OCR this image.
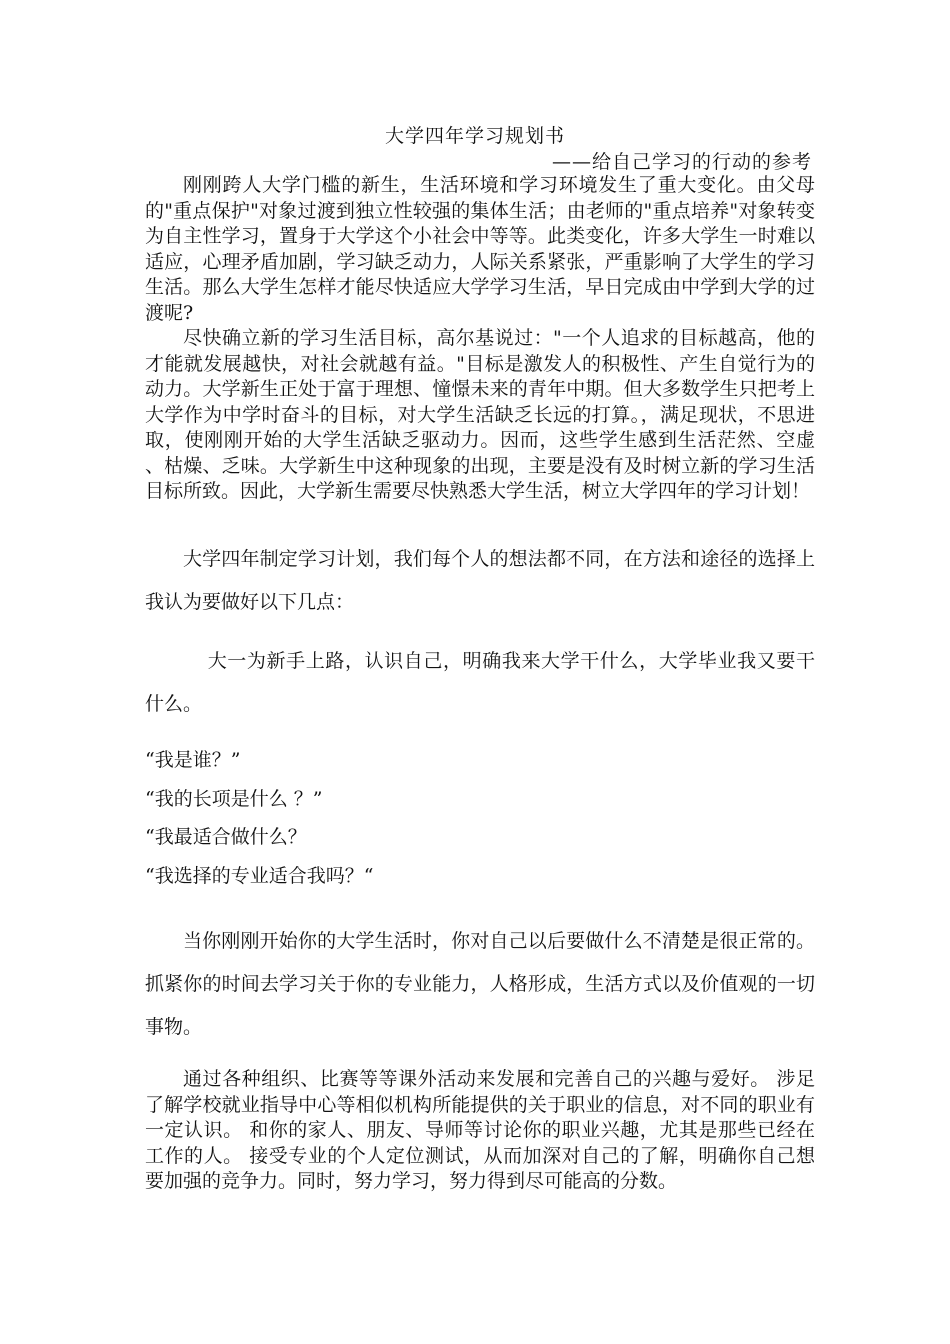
大学四年学习规划书
——给自己学习的行动的参考

刚刚跨人大学门槛的新生，生活环境和学习环境发生了重大变化。由父母的"重点保护"对象过渡到独立性较强的集体生活；由老师的"重点培养"对象转变为自主性学习，置身于大学这个小社会中等等。此类变化，许多大学生一时难以适应，心理矛盾加剧，学习缺乏动力，人际关系紧张，严重影响了大学生的学习生活。那么大学生怎样才能尽快适应大学学习生活，早日完成由中学到大学的过渡呢?

尽快确立新的学习生活目标，高尔基说过："一个人追求的目标越高，他的才能就发展越快，对社会就越有益。"目标是激发人的积极性、产生自觉行为的动力。大学新生正处于富于理想、憧憬未来的青年中期。但大多数学生只把考上大学作为中学时奋斗的目标，对大学生活缺乏长远的打算。，满足现状，不思进取，使刚刚开始的大学生活缺乏驱动力。因而，这些学生感到生活茫然、空虚 、枯燥、乏味。大学新生中这种现象的出现，主要是没有及时树立新的学习生活目标所致。因此，大学新生需要尽快熟悉大学生活，树立大学四年的学习计划！

大学四年制定学习计划，我们每个人的想法都不同，在方法和途径的选择上我认为要做好以下几点：

大一为新手上路，认识自己，明确我来大学干什么，大学毕业我又要干什么。

“我是谁？”
“我的长项是什么 ？”
“我最适合做什么？
“我选择的专业适合我吗？“

当你刚刚开始你的大学生活时，你对自己以后要做什么不清楚是很正常的。 抓紧你的时间去学习关于你的专业能力，人格形成，生活方式以及价值观的一切事物。

通过各种组织、比赛等等课外活动来发展和完善自己的兴趣与爱好。 涉足了解学校就业指导中心等相似机构所能提供的关于职业的信息，对不同的职业有一定认识。 和你的家人、朋友、导师等讨论你的职业兴趣，尤其是那些已经在工作的人。 接受专业的个人定位测试，从而加深对自己的了解，明确你自己想要加强的竞争力。同时，努力学习，努力得到尽可能高的分数。
